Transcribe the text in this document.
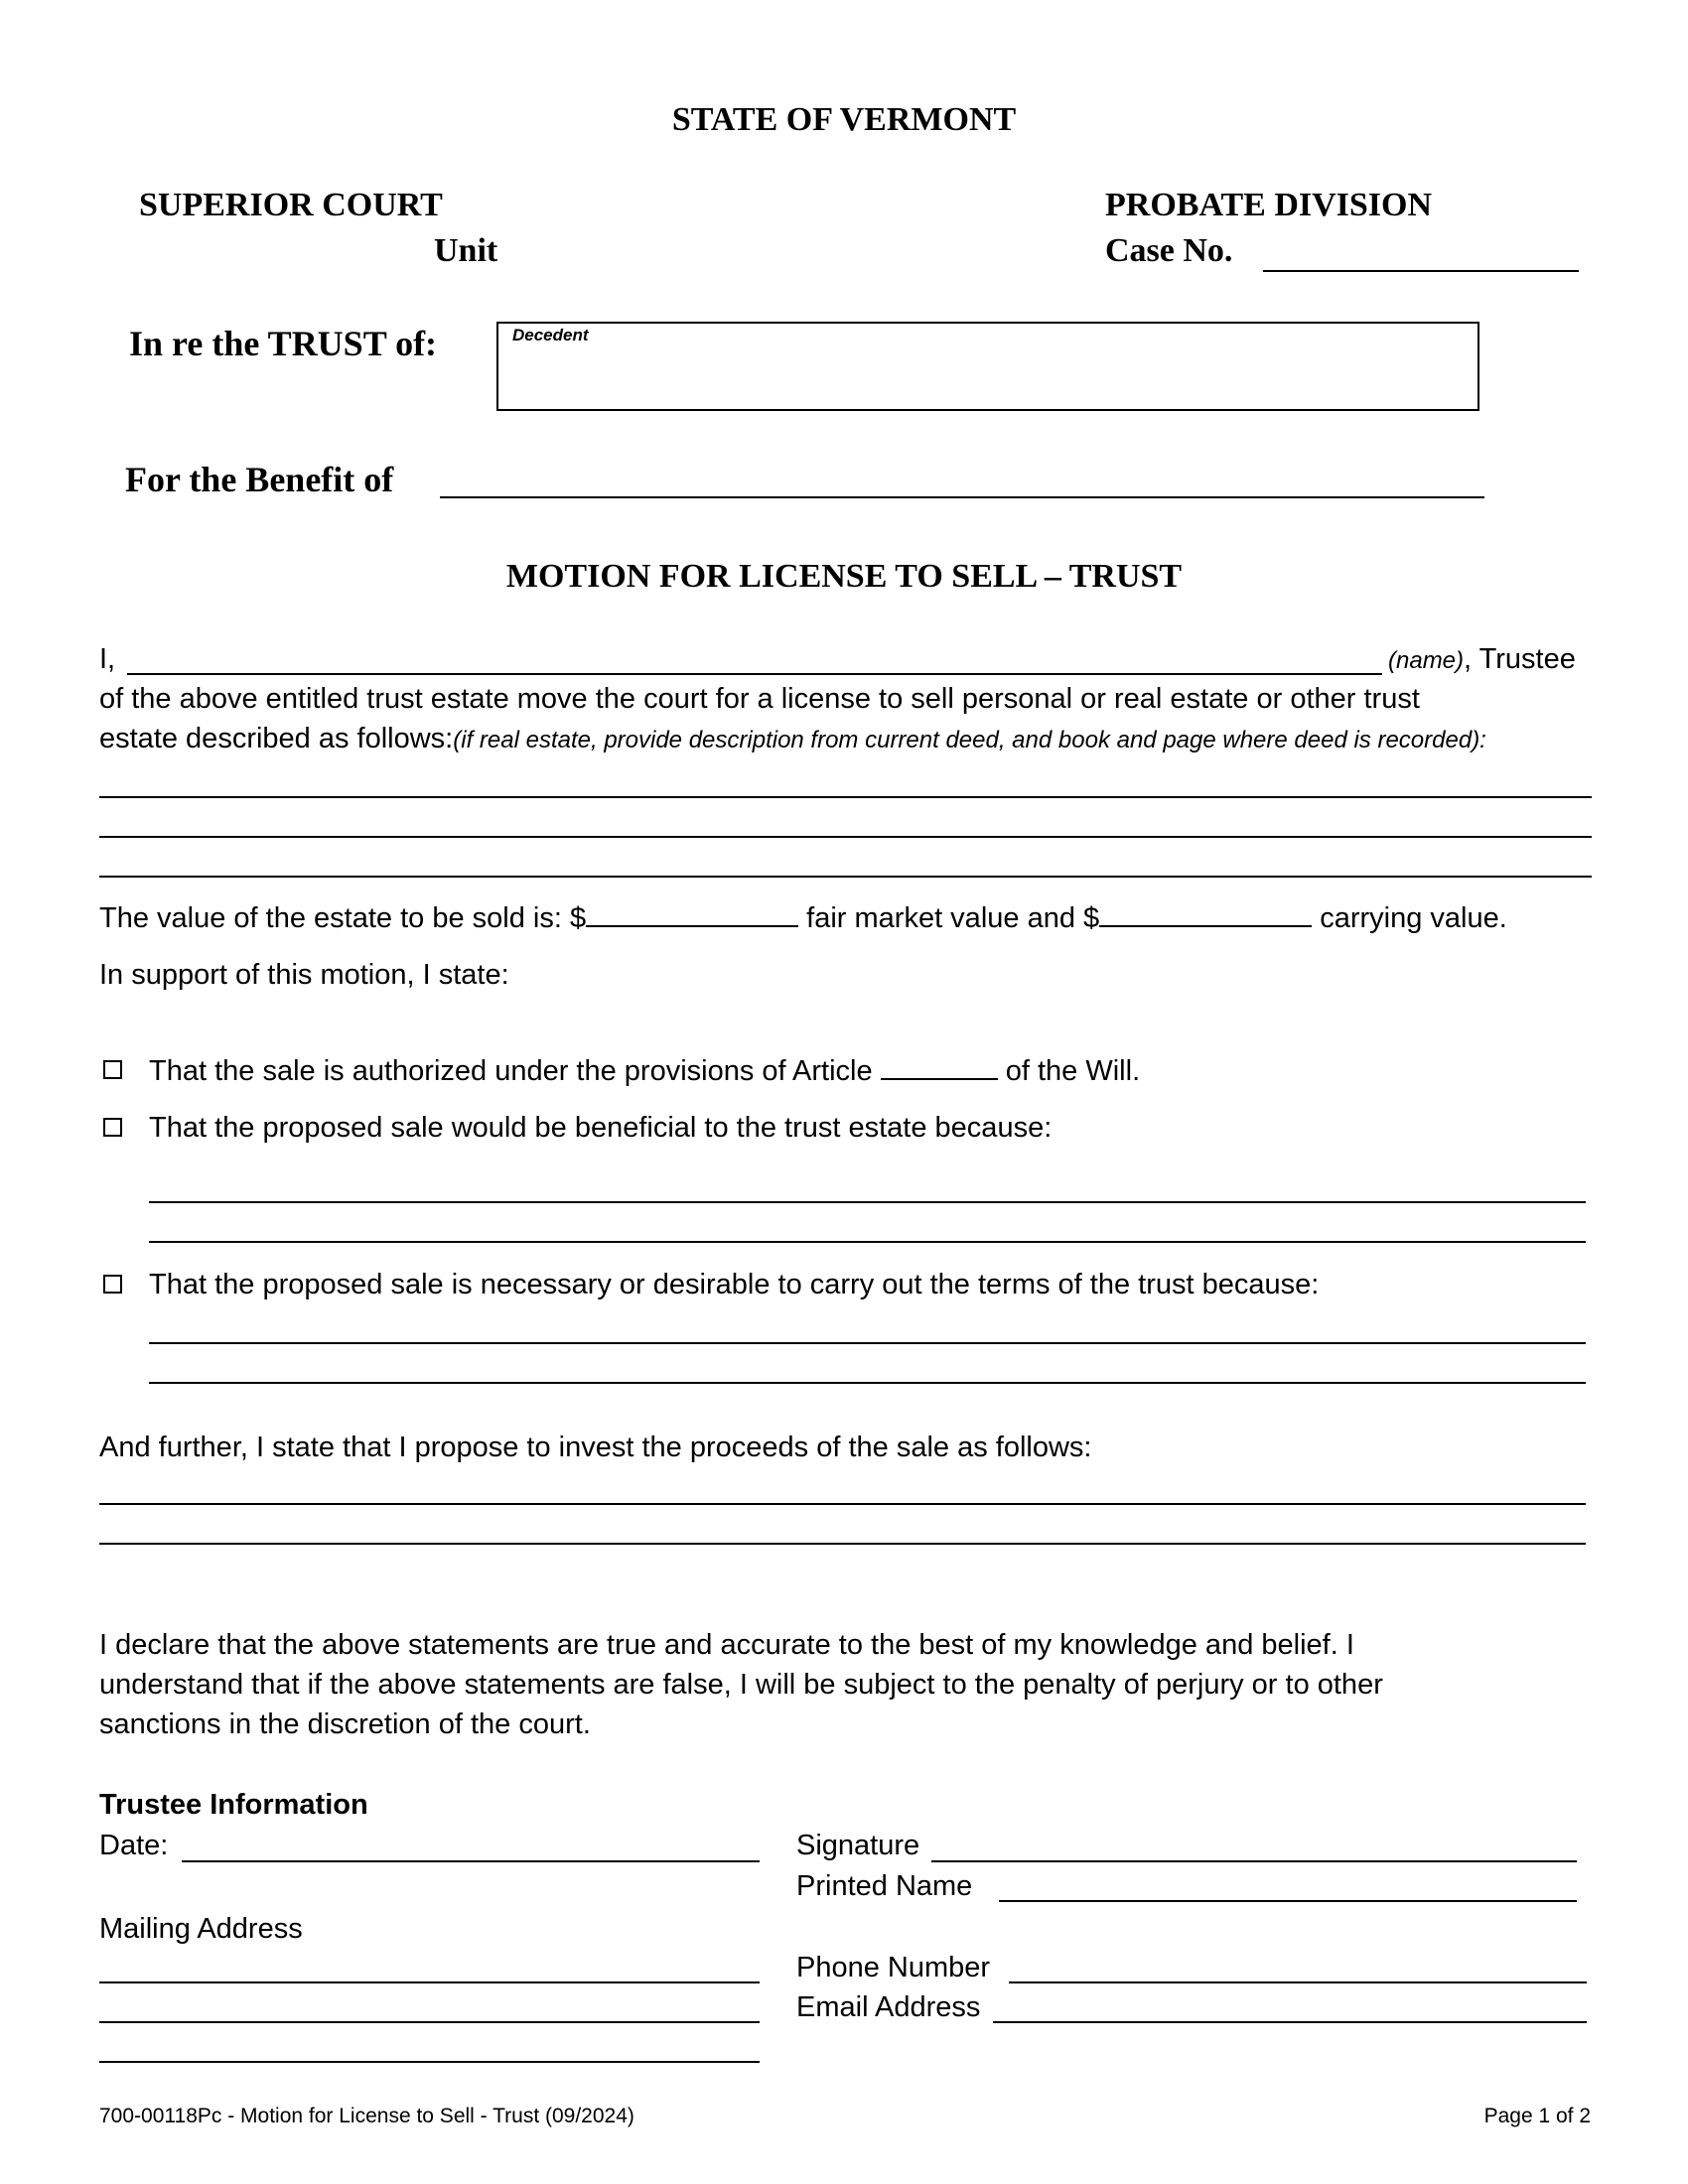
STATE OF VERMONT
SUPERIOR COURT
Unit
PROBATE DIVISION
Case No.
In re the TRUST of:	Decedent
For the Benefit of
MOTION FOR LICENSE TO SELL – TRUST
I,	(name), Trustee
of the above entitled trust estate move the court for a license to sell personal or real estate or other trust
estate described as follows:(if real estate, provide description from current deed, and book and page where deed is recorded):
The value of the estate to be sold is: $	fair market value and $	carrying value.
In support of this motion, I state:
That the sale is authorized under the provisions of Article	of the Will.
That the proposed sale would be beneficial to the trust estate because:
That the proposed sale is necessary or desirable to carry out the terms of the trust because:
And further, I state that I propose to invest the proceeds of the sale as follows:
I declare that the above statements are true and accurate to the best of my knowledge and belief. I
understand that if the above statements are false, I will be subject to the penalty of perjury or to other
sanctions in the discretion of the court.
Trustee Information
Date:
Mailing Address
Signature
Printed Name
Phone Number
Email Address
700-00118Pc - Motion for License to Sell - Trust (09/2024)	Page 1 of 2
